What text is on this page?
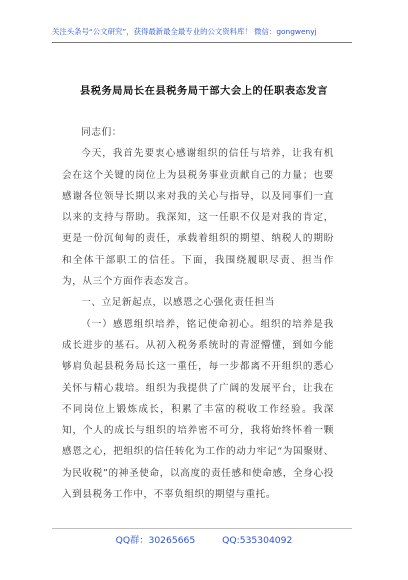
关注头条号“公文研究”，获得最新最全最专业的公文资料库！ 微信：gongwenyj
县税务局局长在县税务局干部大会上的任职表态发言

同志们：

今天，我首先要衷心感谢组织的信任与培养，让我有机会在这个关键的岗位上为县税务事业贡献自己的力量；也要感谢各位领导长期以来对我的关心与指导，以及同事们一直以来的支持与帮助。我深知，这一任职不仅是对我的肯定，更是一份沉甸甸的责任，承载着组织的期望、纳税人的期盼和全体干部职工的信任。下面，我围绕履职尽责、担当作为，从三个方面作表态发言。

一、立足新起点，以感恩之心强化责任担当

（一）感恩组织培养，铭记使命初心。组织的培养是我成长进步的基石。从初入税务系统时的青涩懵懂，到如今能够肩负起县税务局长这一重任，每一步都离不开组织的悉心关怀与精心栽培。组织为我提供了广阔的发展平台，让我在不同岗位上锻炼成长，积累了丰富的税收工作经验。我深知，个人的成长与组织的培养密不可分，我将始终怀着一颗感恩之心，把组织的信任转化为工作的动力牢记“为国聚财、为民收税”的神圣使命，以高度的责任感和使命感，全身心投入到县税务工作中，不辜负组织的期望与重托。

QQ群：30265665	QQ:535304092
